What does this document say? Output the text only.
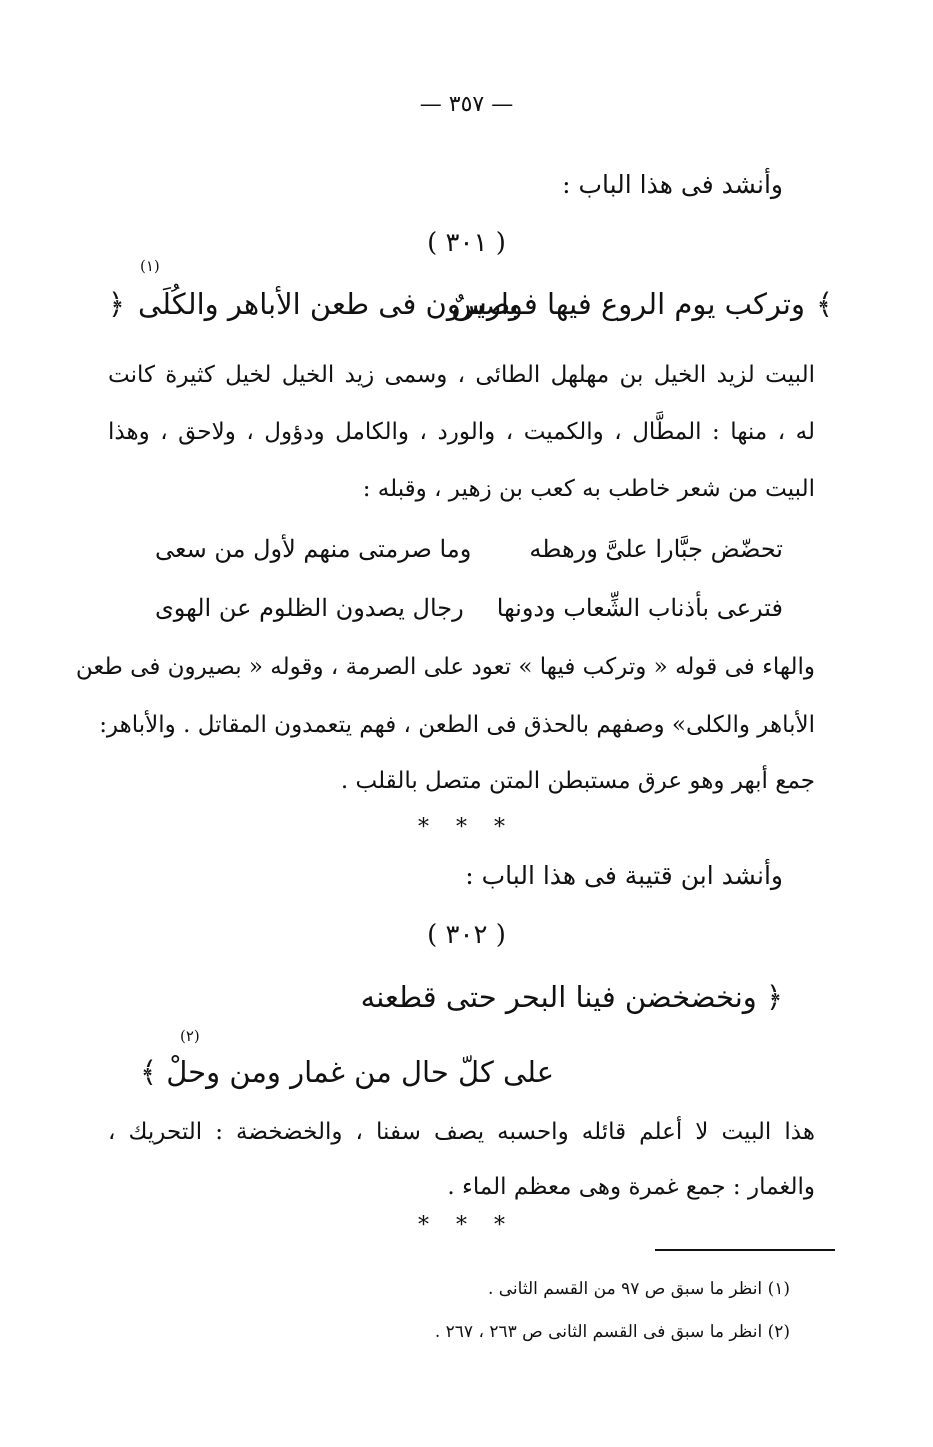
— ٣٥٧ —
وأنشد فى هذا الباب :
( ٣٠١ )
﴾
وتركب يوم الروع فيها فوارسٌ
بصيرون فى طعن الأباهر والكُلَى
﴿
(١)
البيت لزيد الخيل بن مهلهل الطائى ، وسمى زيد الخيل لخيل كثيرة كانت
له ، منها : المطَّال ، والكميت ، والورد ، والكامل ودؤول ، ولاحق ، وهذا
البيت من شعر خاطب به كعب بن زهير ، وقبله :
تحضّض جبَّارا علىَّ ورهطه
وما صرمتى منهم لأول من سعى
فترعى بأذناب الشِّعاب ودونها
رجال يصدون الظلوم عن الهوى
والهاء فى قوله « وتركب فيها » تعود على الصرمة ، وقوله « بصيرون فى طعن
الأباهر والكلى» وصفهم بالحذق فى الطعن ، فهم يتعمدون المقاتل . والأباهر:
جمع أبهر وهو عرق مستبطن المتن متصل بالقلب .
* * *
وأنشد ابن قتيبة فى هذا الباب :
( ٣٠٢ )
﴿ ونخضخضن فينا البحر حتى قطعنه
على كلّ حال من غمار ومن وحلْ ﴾
(٢)
هذا البيت لا أعلم قائله واحسبه يصف سفنا ، والخضخضة : التحريك ،
والغمار : جمع غمرة وهى معظم الماء .
* * *
(١) انظر ما سبق ص ٩٧ من القسم الثانى .
(٢) انظر ما سبق فى القسم الثانى ص ٢٦٣ ، ٢٦٧ .
